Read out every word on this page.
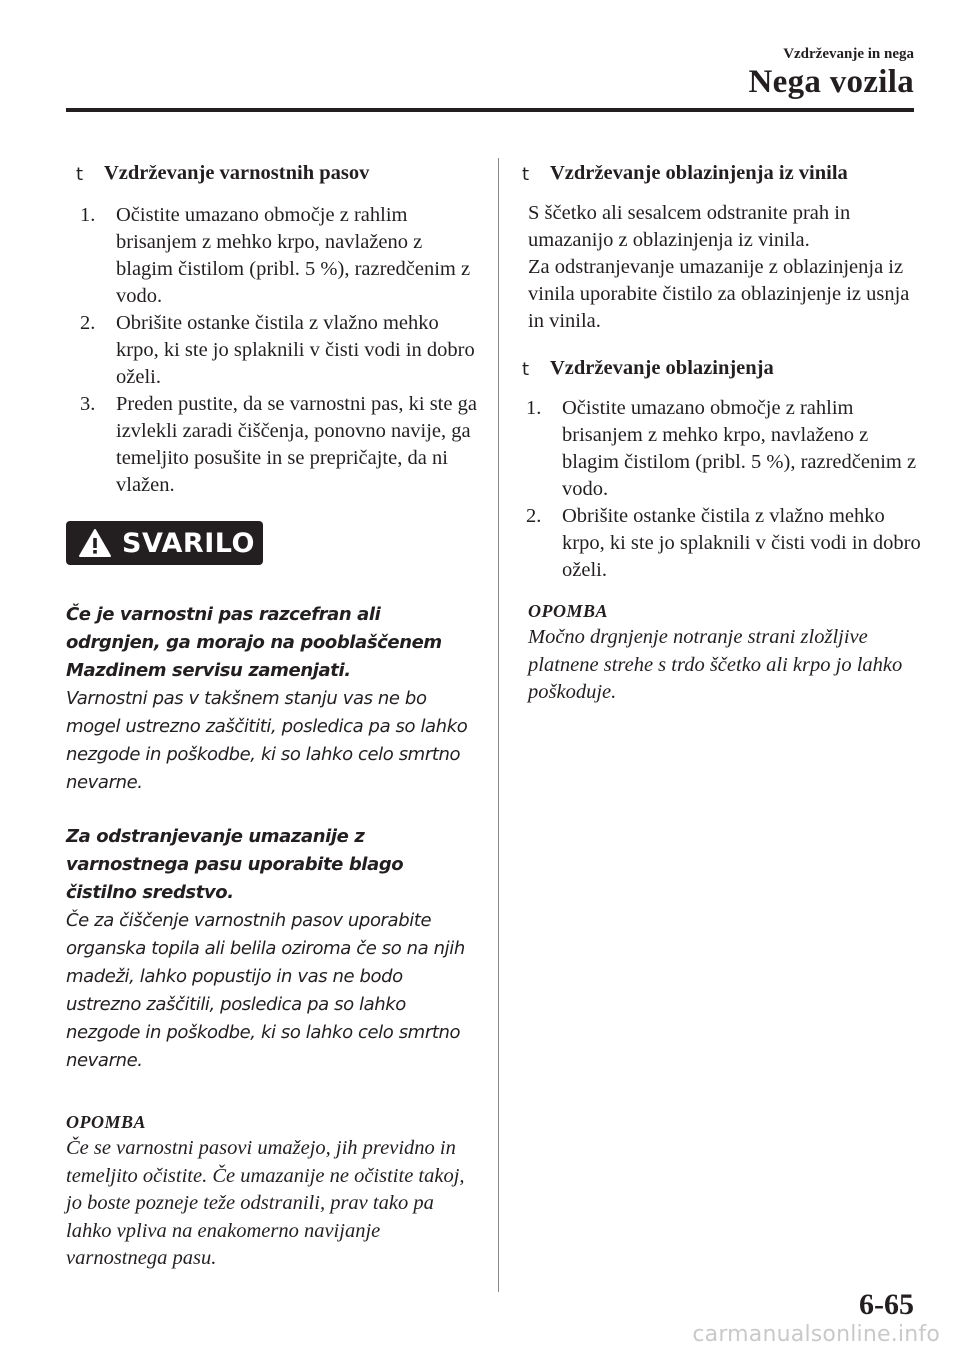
Vzdrževanje in nega
Nega vozila
t Vzdrževanje varnostnih pasov
1. Očistite umazano območje z rahlim brisanjem z mehko krpo, navlaženo z blagim čistilom (pribl. 5 %), razredčenim z vodo.
2. Obrišite ostanke čistila z vlažno mehko krpo, ki ste jo splaknili v čisti vodi in dobro oželi.
3. Preden pustite, da se varnostni pas, ki ste ga izvlekli zaradi čiščenja, ponovno navije, ga temeljito posušite in se prepričajte, da ni vlažen.
SVARILO

Če je varnostni pas razcefran ali odrgnjen, ga morajo na pooblaščenem Mazdinem servisu zamenjati.

Varnostni pas v takšnem stanju vas ne bo mogel ustrezno zaščititi, posledica pa so lahko nezgode in poškodbe, ki so lahko celo smrtno nevarne.

Za odstranjevanje umazanije z varnostnega pasu uporabite blago čistilno sredstvo.

Če za čiščenje varnostnih pasov uporabite organska topila ali belila oziroma če so na njih madeži, lahko popustijo in vas ne bodo ustrezno zaščitili, posledica pa so lahko nezgode in poškodbe, ki so lahko celo smrtno nevarne.

OPOMBA

Če se varnostni pasovi umažejo, jih previdno in temeljito očistite. Če umazanije ne očistite takoj, jo boste pozneje teže odstranili, prav tako pa lahko vpliva na enakomerno navijanje varnostnega pasu.

t Vzdrževanje oblazinjenja iz vinila

S ščetko ali sesalcem odstranite prah in umazanijo z oblazinjenja iz vinila.

Za odstranjevanje umazanije z oblazinjenja iz vinila uporabite čistilo za oblazinjenje iz usnja in vinila.

t Vzdrževanje oblazinjenja
1. Očistite umazano območje z rahlim brisanjem z mehko krpo, navlaženo z blagim čistilom (pribl. 5 %), razredčenim z vodo.
2. Obrišite ostanke čistila z vlažno mehko krpo, ki ste jo splaknili v čisti vodi in dobro oželi.

OPOMBA

Močno drgnjenje notranje strani zložljive platnene strehe s trdo ščetko ali krpo jo lahko poškoduje.

6-65
carmanualsonline.info
